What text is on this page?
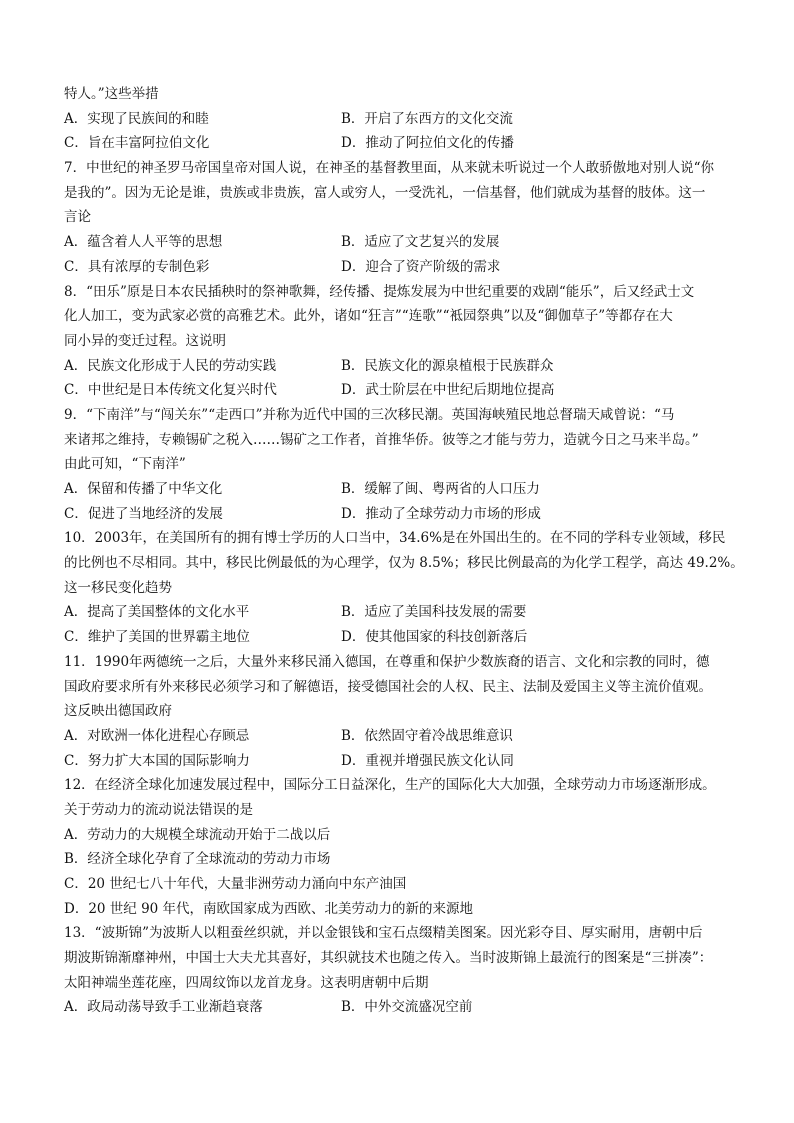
特人。”这些举措
A．实现了民族间的和睦	B．开启了东西方的文化交流
C．旨在丰富阿拉伯文化	D．推动了阿拉伯文化的传播
7．中世纪的神圣罗马帝国皇帝对国人说，在神圣的基督教里面，从来就未听说过一个人敢骄傲地对别人说“你
是我的”。因为无论是谁，贵族或非贵族，富人或穷人，一受洗礼，一信基督，他们就成为基督的肢体。这一
言论
A．蕴含着人人平等的思想	B．适应了文艺复兴的发展
C．具有浓厚的专制色彩	D．迎合了资产阶级的需求
8．“田乐”原是日本农民插秧时的祭神歌舞，经传播、提炼发展为中世纪重要的戏剧“能乐”，后又经武士文
化人加工，变为武家必赏的高雅艺术。此外，诸如“狂言”“连歌”“袛园祭典”以及“御伽草子”等都存在大
同小异的变迁过程。这说明
A．民族文化形成于人民的劳动实践	B．民族文化的源泉植根于民族群众
C．中世纪是日本传统文化复兴时代	D．武士阶层在中世纪后期地位提高
9．“下南洋”与“闯关东”“走西口”并称为近代中国的三次移民潮。英国海峡殖民地总督瑞天咸曾说：“马
来诸邦之维持，专赖锡矿之税入……锡矿之工作者，首推华侨。彼等之才能与劳力，造就今日之马来半岛。”
由此可知，“下南洋”
A．保留和传播了中华文化	B．缓解了闽、粤两省的人口压力
C．促进了当地经济的发展	D．推动了全球劳动力市场的形成
10．2003年，在美国所有的拥有博士学历的人口当中，34.6%是在外国出生的。在不同的学科专业领域，移民
的比例也不尽相同。其中，移民比例最低的为心理学，仅为 8.5%；移民比例最高的为化学工程学，高达 49.2%。
这一移民变化趋势
A．提高了美国整体的文化水平	B．适应了美国科技发展的需要
C．维护了美国的世界霸主地位	D．使其他国家的科技创新落后
11．1990年两德统一之后，大量外来移民涌入德国，在尊重和保护少数族裔的语言、文化和宗教的同时，德
国政府要求所有外来移民必须学习和了解德语，接受德国社会的人权、民主、法制及爱国主义等主流价值观。
这反映出德国政府
A．对欧洲一体化进程心存顾忌	B．依然固守着冷战思维意识
C．努力扩大本国的国际影响力	D．重视并增强民族文化认同
12．在经济全球化加速发展过程中，国际分工日益深化，生产的国际化大大加强，全球劳动力市场逐渐形成。
关于劳动力的流动说法错误的是
A．劳动力的大规模全球流动开始于二战以后
B．经济全球化孕育了全球流动的劳动力市场
C．20 世纪七八十年代，大量非洲劳动力涌向中东产油国
D．20 世纪 90 年代，南欧国家成为西欧、北美劳动力的新的来源地
13．“波斯锦”为波斯人以粗蚕丝织就，并以金银钱和宝石点缀精美图案。因光彩夺目、厚实耐用，唐朝中后
期波斯锦渐靡神州，中国士大夫尤其喜好，其织就技术也随之传入。当时波斯锦上最流行的图案是“三拼凑”：
太阳神端坐莲花座，四周纹饰以龙首龙身。这表明唐朝中后期
A．政局动荡导致手工业渐趋衰落	B．中外交流盛况空前
